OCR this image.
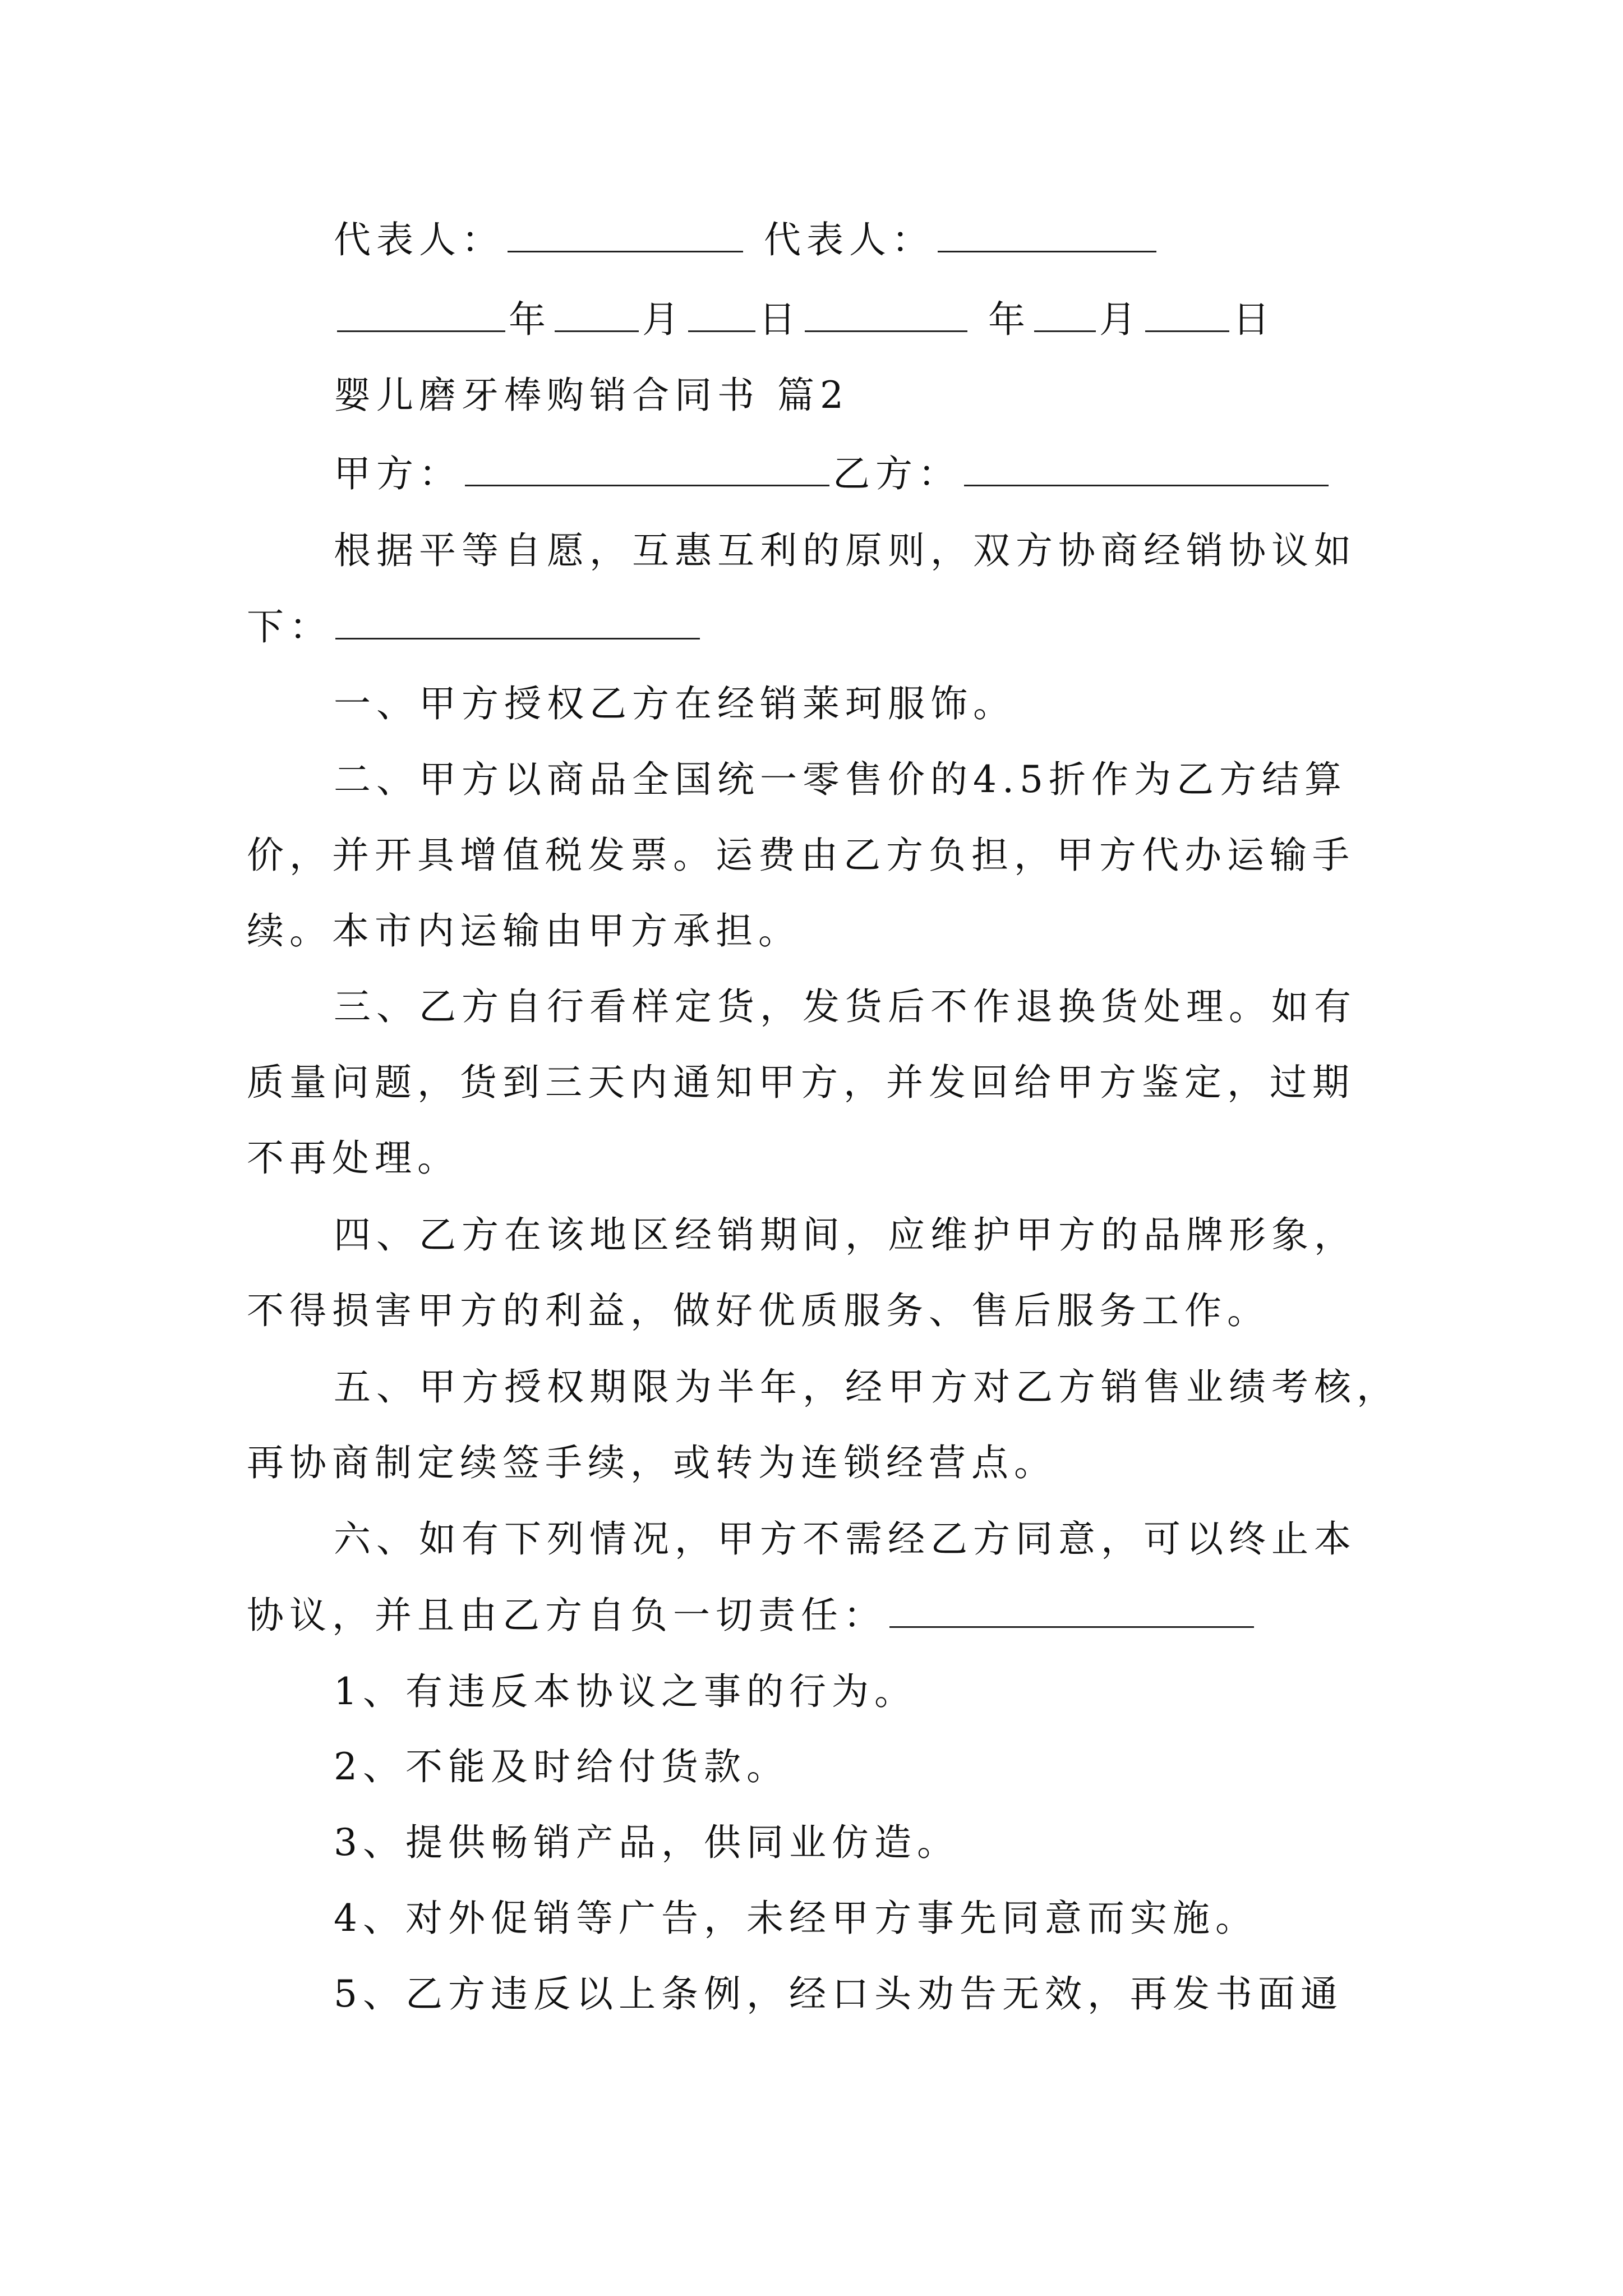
代表人：	代表人：
年 月 日	年 月 日
婴儿磨牙棒购销合同书 篇2
甲方：	乙方：
根据平等自愿，互惠互利的原则，双方协商经销协议如
下：
一、甲方授权乙方在经销莱珂服饰。
二、甲方以商品全国统一零售价的4.5折作为乙方结算
价，并开具增值税发票。运费由乙方负担，甲方代办运输手
续。本市内运输由甲方承担。
三、乙方自行看样定货，发货后不作退换货处理。如有
质量问题，货到三天内通知甲方，并发回给甲方鉴定，过期
不再处理。
四、乙方在该地区经销期间，应维护甲方的品牌形象，
不得损害甲方的利益，做好优质服务、售后服务工作。
五、甲方授权期限为半年，经甲方对乙方销售业绩考核，
再协商制定续签手续，或转为连锁经营点。
六、如有下列情况，甲方不需经乙方同意，可以终止本
协议，并且由乙方自负一切责任：
1、有违反本协议之事的行为。
2、不能及时给付货款。
3、提供畅销产品，供同业仿造。
4、对外促销等广告，未经甲方事先同意而实施。
5、乙方违反以上条例，经口头劝告无效，再发书面通
